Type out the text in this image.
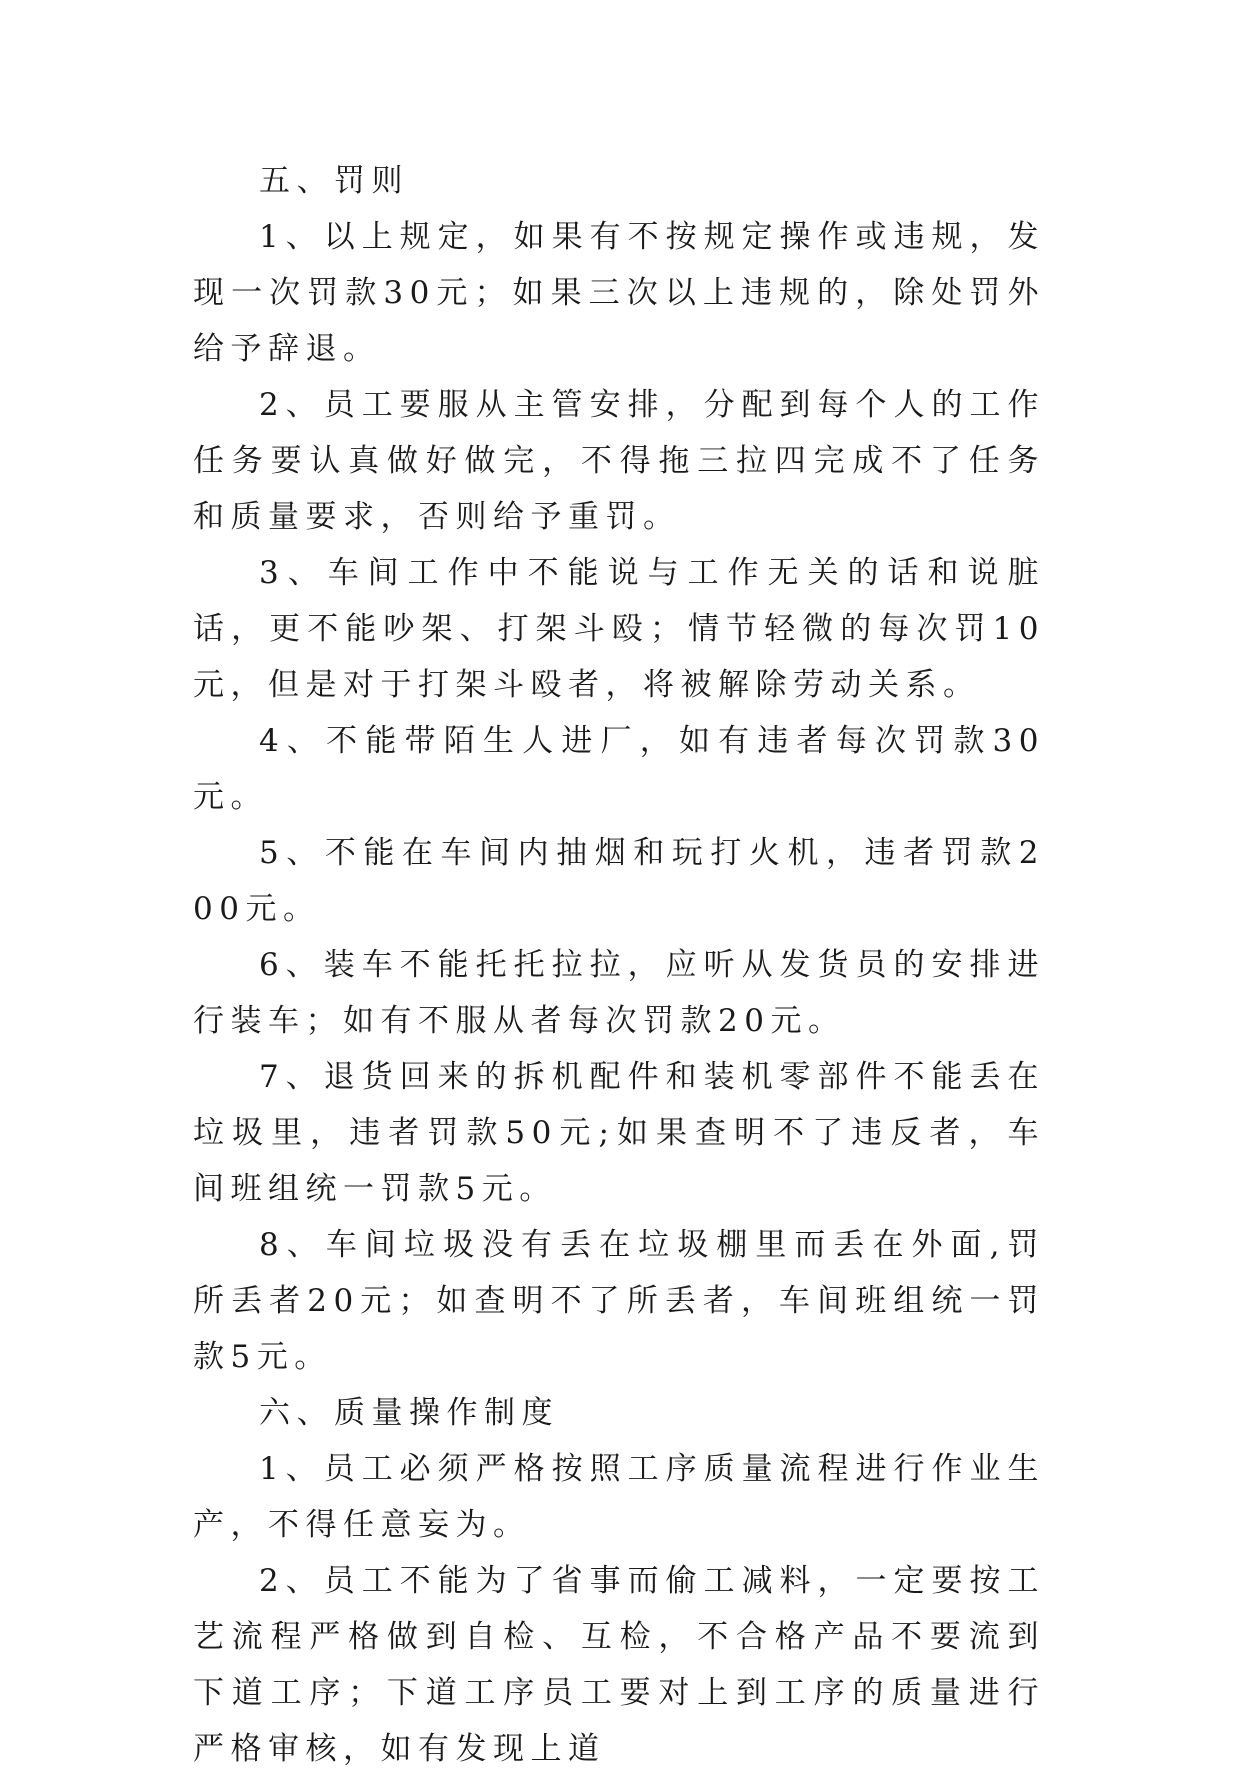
五、罚则

1、以上规定，如果有不按规定操作或违规，发现一次罚款30元；如果三次以上违规的，除处罚外给予辞退。

2、员工要服从主管安排，分配到每个人的工作任务要认真做好做完，不得拖三拉四完成不了任务和质量要求，否则给予重罚。

3、车间工作中不能说与工作无关的话和说脏话，更不能吵架、打架斗殴；情节轻微的每次罚10元，但是对于打架斗殴者，将被解除劳动关系。

4、不能带陌生人进厂，如有违者每次罚款30元。

5、不能在车间内抽烟和玩打火机，违者罚款200元。

6、装车不能托托拉拉，应听从发货员的安排进行装车；如有不服从者每次罚款20元。

7、退货回来的拆机配件和装机零部件不能丢在垃圾里，违者罚款50元;如果查明不了违反者，车间班组统一罚款5元。

8、车间垃圾没有丢在垃圾棚里而丢在外面,罚所丢者20元；如查明不了所丢者，车间班组统一罚款5元。

六、质量操作制度

1、员工必须严格按照工序质量流程进行作业生产，不得任意妄为。

2、员工不能为了省事而偷工减料，一定要按工艺流程严格做到自检、互检，不合格产品不要流到下道工序；下道工序员工要对上到工序的质量进行严格审核，如有发现上道
